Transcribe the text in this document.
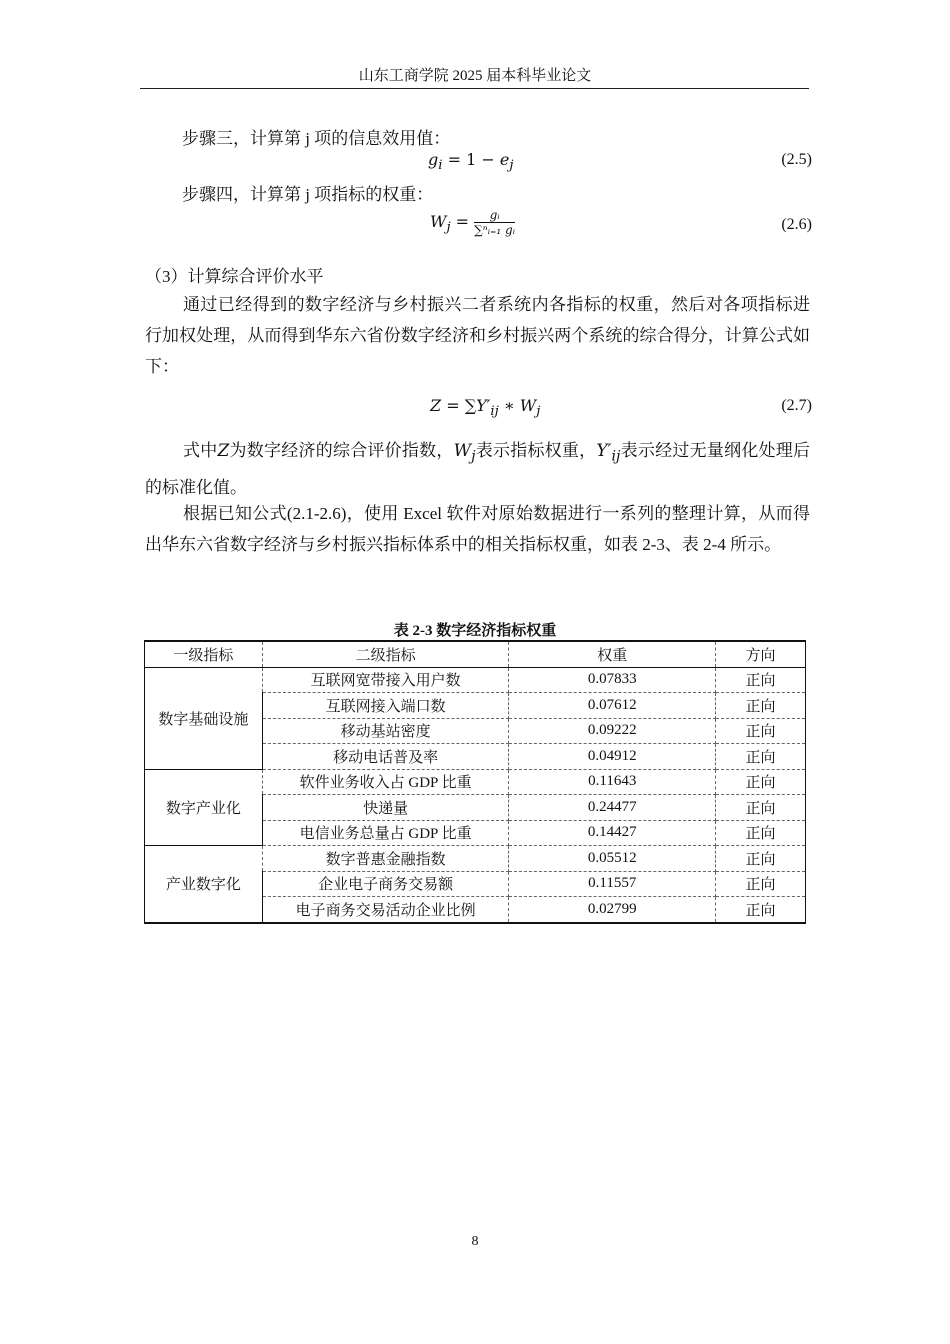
山东工商学院 2025 届本科毕业论文
步骤三，计算第 j 项的信息效用值：
$g_i = 1 - e_j$	(2.5)
步骤四，计算第 j 项指标的权重：
$W_j = \frac{\text{gᵢ}}{\text{∑ⁿᵢ₌₁ gᵢ}}$	(2.6)
（3）计算综合评价水平

通过已经得到的数字经济与乡村振兴二者系统内各指标的权重，然后对各项指标进行加权处理，从而得到华东六省份数字经济和乡村振兴两个系统的综合得分，计算公式如下：

$Z = \sum Y'_{ij}$ ∗ $W_j$	(2.7)

式中Z为数字经济的综合评价指数，$W_j$表示指标权重，$Y'_{ij}$表示经过无量纲化处理后的标准化值。

根据已知公式(2.1-2.6)，使用 Excel 软件对原始数据进行一系列的整理计算，从而得出华东六省数字经济与乡村振兴指标体系中的相关指标权重，如表 2-3、表 2-4 所示。

表 2-3 数字经济指标权重
一级指标	二级指标	权重	方向
数字基础设施	互联网宽带接入用户数	0.07833	正向
	互联网接入端口数	0.07612	正向
	移动基站密度	0.09222	正向
	移动电话普及率	0.04912	正向
数字产业化	软件业务收入占 GDP 比重	0.11643	正向
	快递量	0.24477	正向
	电信业务总量占 GDP 比重	0.14427	正向
产业数字化	数字普惠金融指数	0.05512	正向
	企业电子商务交易额	0.11557	正向
	电子商务交易活动企业比例	0.02799	正向
8
